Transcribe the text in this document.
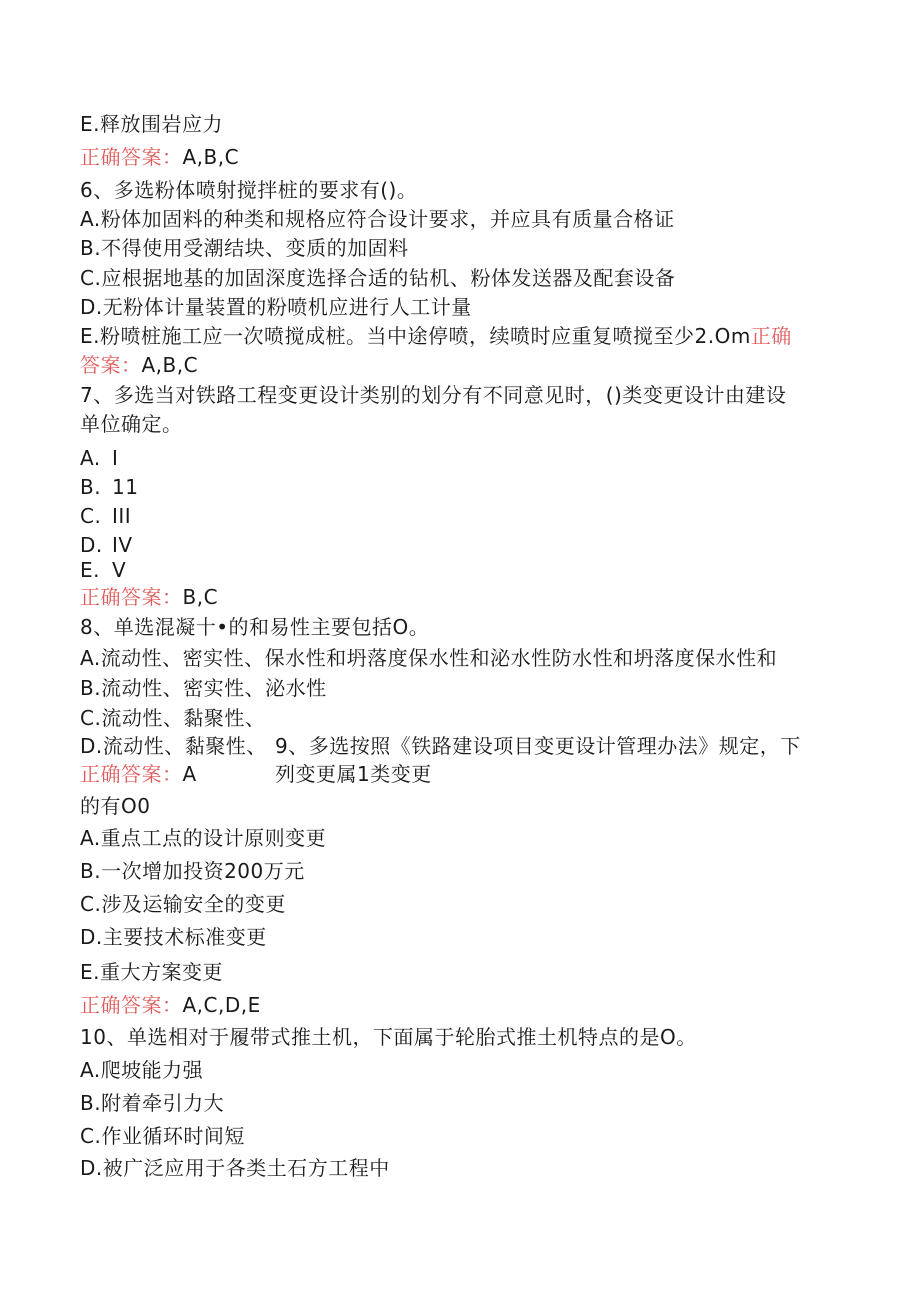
E.释放围岩应力
正确答案：A,B,C
6、多选粉体喷射搅拌桩的要求有()。
A.粉体加固料的种类和规格应符合设计要求，并应具有质量合格证
B.不得使用受潮结块、变质的加固料
C.应根据地基的加固深度选择合适的钻机、粉体发送器及配套设备
D.无粉体计量装置的粉喷机应进行人工计量
E.粉喷桩施工应一次喷搅成桩。当中途停喷，续喷时应重复喷搅至少2.Om正确
答案：A,B,C
7、多选当对铁路工程变更设计类别的划分有不同意见时，()类变更设计由建设
单位确定。
A. I
B. 11
C. III
D. IV
E. V
正确答案：B,C
8、单选混凝十•的和易性主要包括O。
A.流动性、密实性、保水性和坍落度保水性和泌水性防水性和坍落度保水性和
B.流动性、密实性、泌水性
C.流动性、黏聚性、
D.流动性、黏聚性、 9、多选按照《铁路建设项目变更设计管理办法》规定，下
正确答案：A	列变更属1类变更
的有O0
A.重点工点的设计原则变更
B.一次增加投资200万元
C.涉及运输安全的变更
D.主要技术标准变更
E.重大方案变更
正确答案：A,C,D,E
10、单选相对于履带式推土机，下面属于轮胎式推土机特点的是O。
A.爬坡能力强
B.附着牵引力大
C.作业循环时间短
D.被广泛应用于各类土石方工程中
